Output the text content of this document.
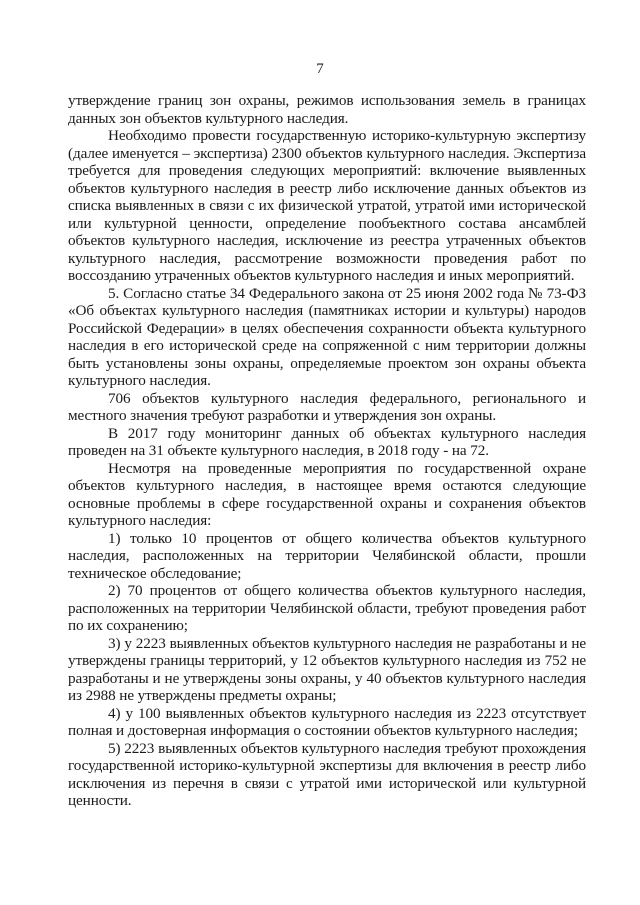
7

утверждение границ зон охраны, режимов использования земель в границах данных зон объектов культурного наследия.

Необходимо провести государственную историко-культурную экспертизу (далее именуется – экспертиза) 2300 объектов культурного наследия. Экспертиза требуется для проведения следующих мероприятий: включение выявленных объектов культурного наследия в реестр либо исключение данных объектов из списка выявленных в связи с их физической утратой, утратой ими исторической или культурной ценности, определение пообъектного состава ансамблей объектов культурного наследия, исключение из реестра утраченных объектов культурного наследия, рассмотрение возможности проведения работ по воссозданию утраченных объектов культурного наследия и иных мероприятий.

5. Согласно статье 34 Федерального закона от 25 июня 2002 года № 73-ФЗ «Об объектах культурного наследия (памятниках истории и культуры) народов Российской Федерации» в целях обеспечения сохранности объекта культурного наследия в его исторической среде на сопряженной с ним территории должны быть установлены зоны охраны, определяемые проектом зон охраны объекта культурного наследия.

706 объектов культурного наследия федерального, регионального и местного значения требуют разработки и утверждения зон охраны.

В 2017 году мониторинг данных об объектах культурного наследия проведен на 31 объекте культурного наследия, в 2018 году - на 72.

Несмотря на проведенные мероприятия по государственной охране объектов культурного наследия, в настоящее время остаются следующие основные проблемы в сфере государственной охраны и сохранения объектов культурного наследия:

1) только 10 процентов от общего количества объектов культурного наследия, расположенных на территории Челябинской области, прошли техническое обследование;

2) 70 процентов от общего количества объектов культурного наследия, расположенных на территории Челябинской области, требуют проведения работ по их сохранению;

3) у 2223 выявленных объектов культурного наследия не разработаны и не утверждены границы территорий, у 12 объектов культурного наследия из 752 не разработаны и не утверждены зоны охраны, у 40 объектов культурного наследия из 2988 не утверждены предметы охраны;

4) у 100 выявленных объектов культурного наследия из 2223 отсутствует полная и достоверная информация о состоянии объектов культурного наследия;

5) 2223 выявленных объектов культурного наследия требуют прохождения государственной историко-культурной экспертизы для включения в реестр либо исключения из перечня в связи с утратой ими исторической или культурной ценности.
